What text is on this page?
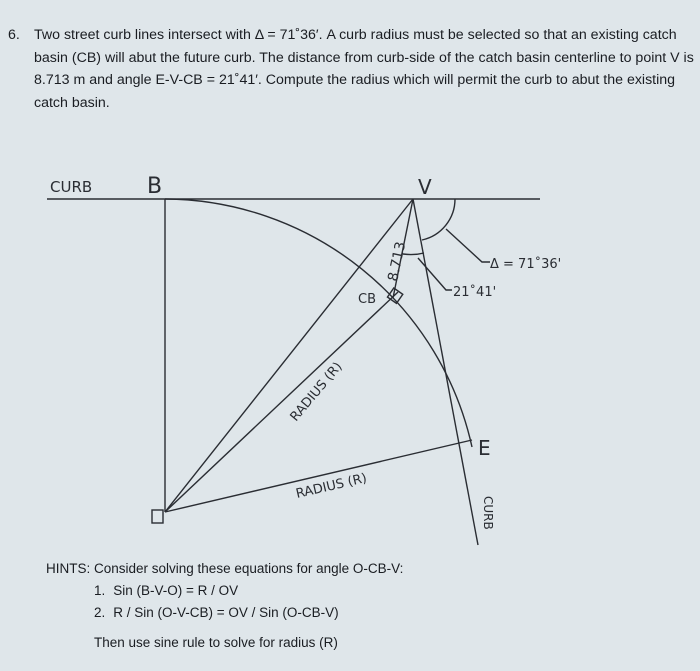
6. Two street curb lines intersect with Δ = 71˚36′. A curb radius must be selected so that an existing catch basin (CB) will abut the future curb. The distance from curb-side of the catch basin centerline to point V is 8.713 m and angle E-V-CB = 21˚41′. Compute the radius which will permit the curb to abut the existing catch basin.
CURB B	V
E
CB
8.713	Δ = 71˚36'
21˚41'
RADIUS (R)
RADIUS (R)
CURB
HINTS: Consider solving these equations for angle O-CB-V:
1. Sin (B-V-O) = R / OV
2. R / Sin (O-V-CB) = OV / Sin (O-CB-V)
Then use sine rule to solve for radius (R)
